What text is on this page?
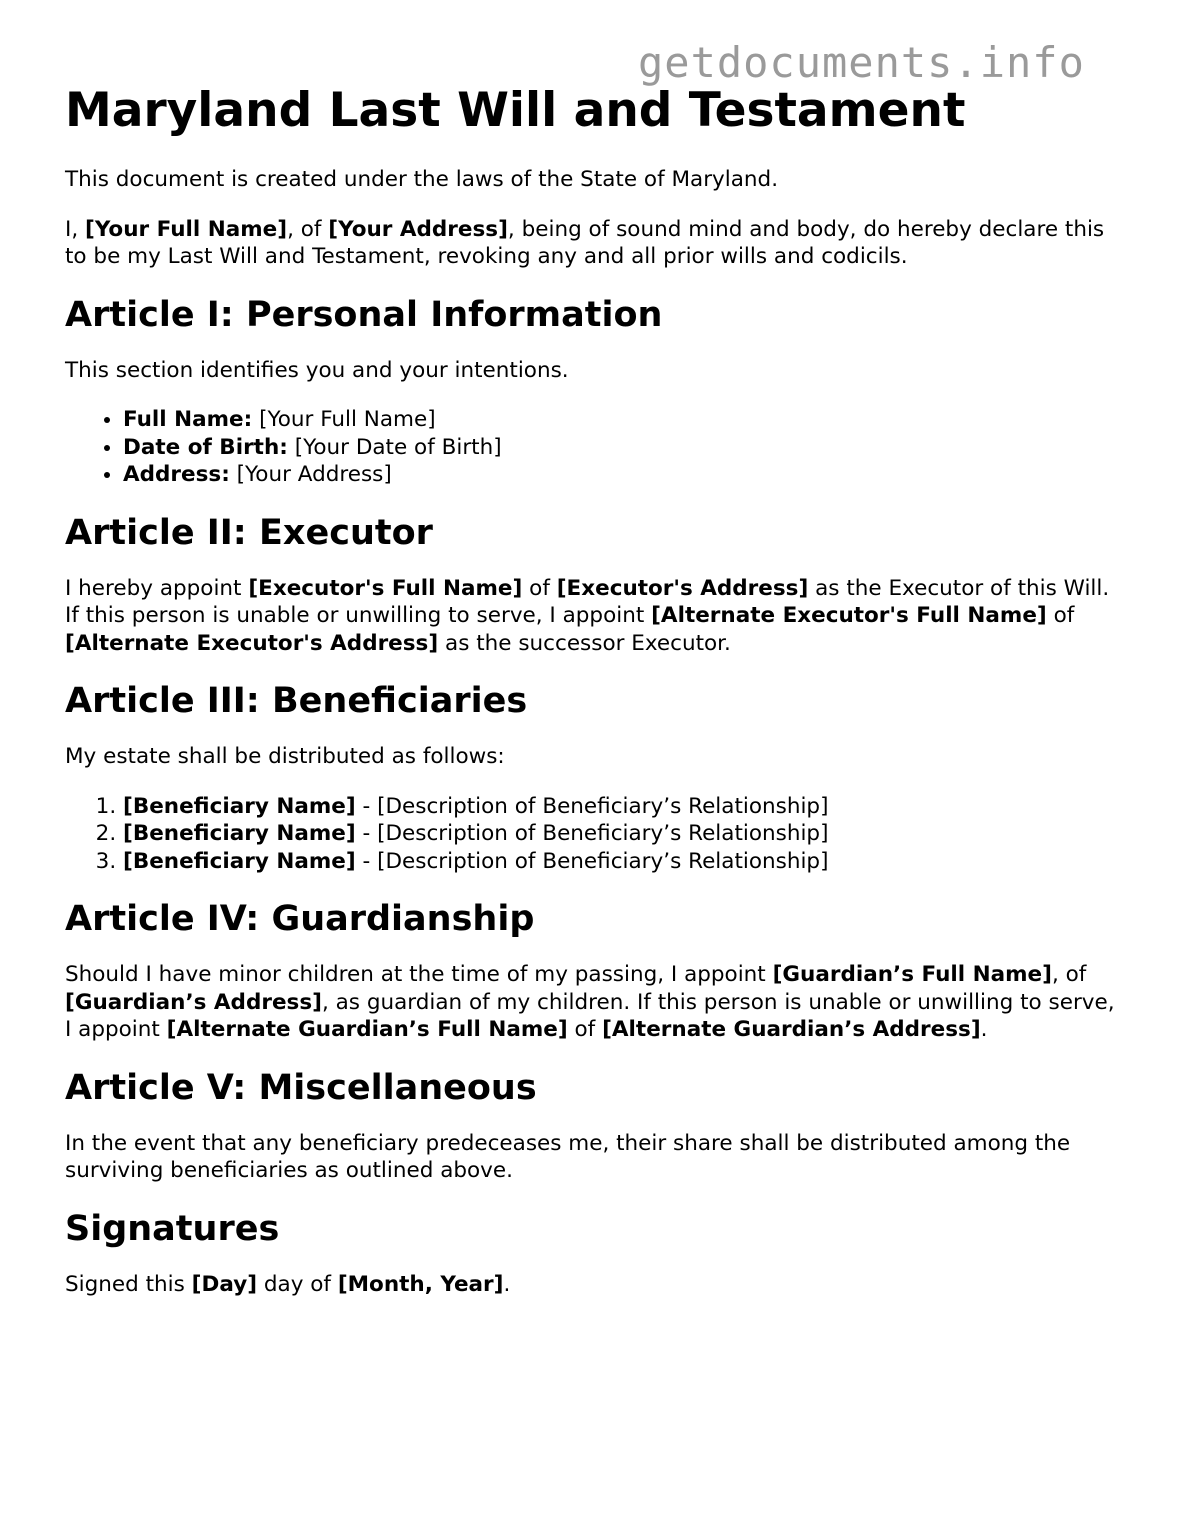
getdocuments.info
Maryland Last Will and Testament

This document is created under the laws of the State of Maryland.

I, [Your Full Name], of [Your Address], being of sound mind and body, do hereby declare this to be my Last Will and Testament, revoking any and all prior wills and codicils.

Article I: Personal Information

This section identifies you and your intentions.

• Full Name: [Your Full Name]
• Date of Birth: [Your Date of Birth]
• Address: [Your Address]
Article II: Executor

I hereby appoint [Executor's Full Name] of [Executor's Address] as the Executor of this Will. If this person is unable or unwilling to serve, I appoint [Alternate Executor's Full Name] of [Alternate Executor's Address] as the successor Executor.

Article III: Beneficiaries

My estate shall be distributed as follows:

1. [Beneficiary Name] - [Description of Beneficiary’s Relationship]
2. [Beneficiary Name] - [Description of Beneficiary’s Relationship]
3. [Beneficiary Name] - [Description of Beneficiary’s Relationship]
Article IV: Guardianship

Should I have minor children at the time of my passing, I appoint [Guardian’s Full Name], of [Guardian’s Address], as guardian of my children. If this person is unable or unwilling to serve, I appoint [Alternate Guardian’s Full Name] of [Alternate Guardian’s Address].

Article V: Miscellaneous

In the event that any beneficiary predeceases me, their share shall be distributed among the surviving beneficiaries as outlined above.

Signatures

Signed this [Day] day of [Month, Year].
